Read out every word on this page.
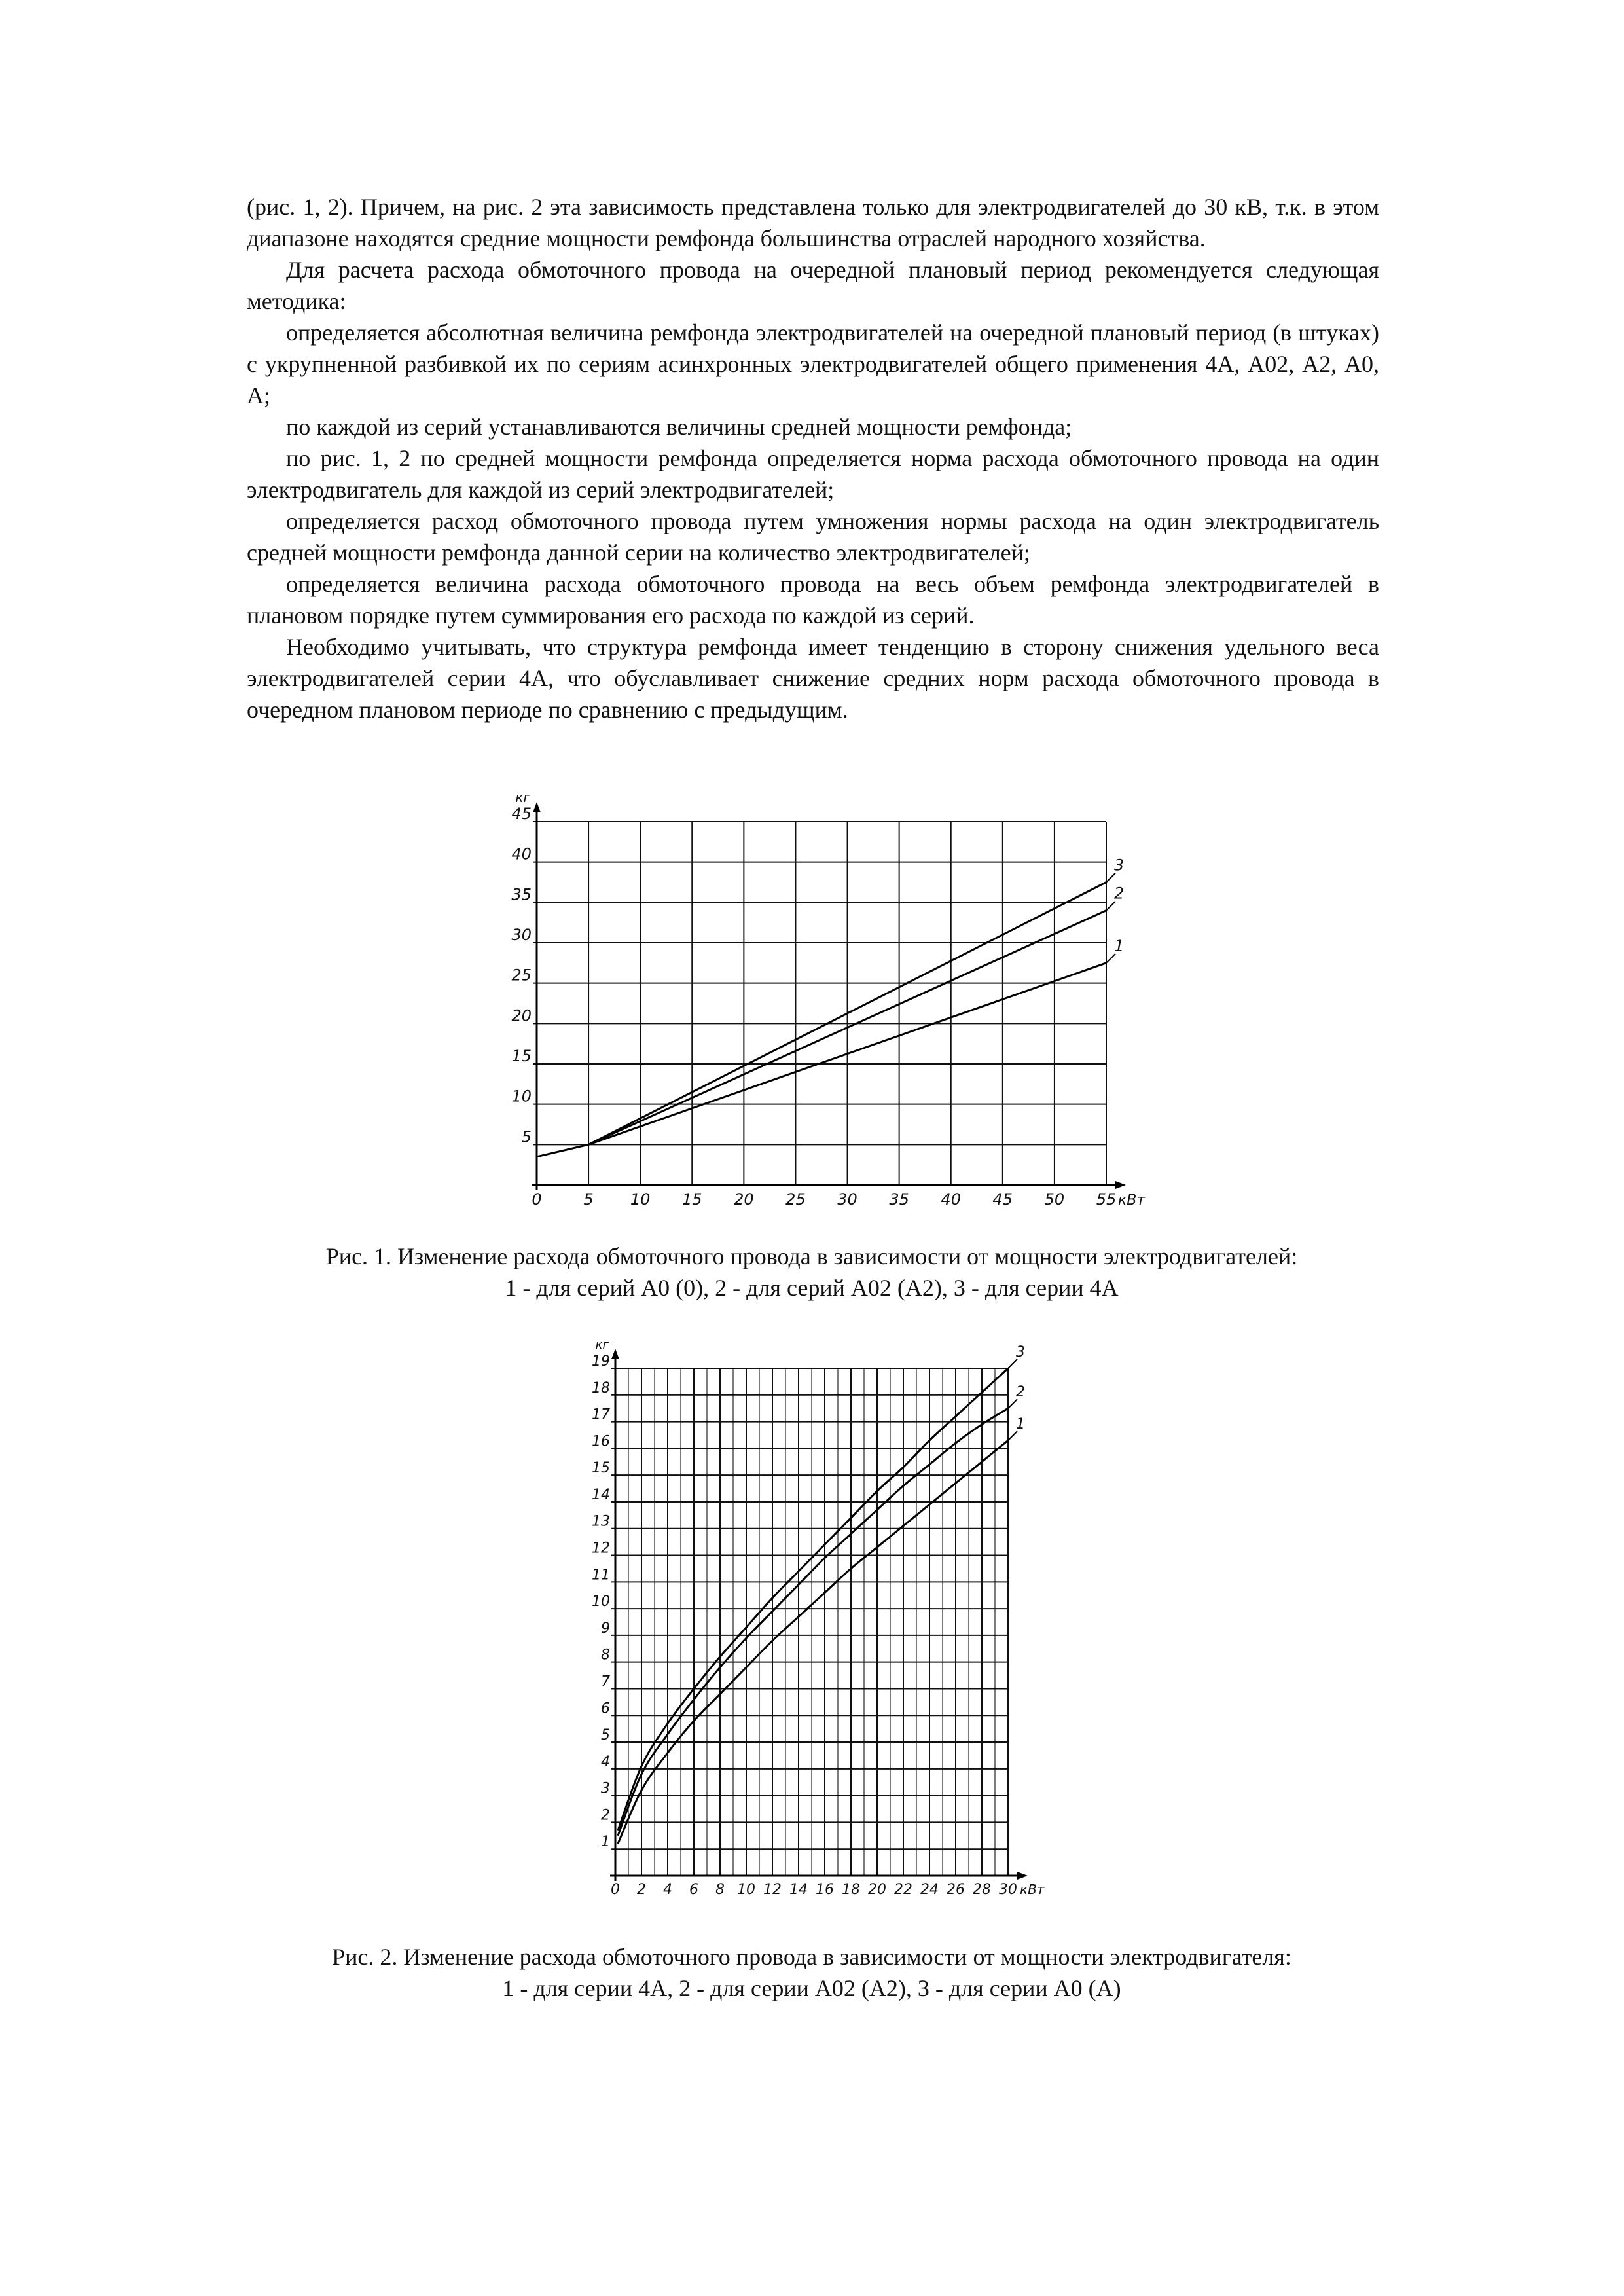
(рис. 1, 2). Причем, на рис. 2 эта зависимость представлена только для электродвигателей до 30 кВ, т.к. в этом диапазоне находятся средние мощности ремфонда большинства отраслей народного хозяйства.

Для расчета расхода обмоточного провода на очередной плановый период рекомендуется следующая методика:

определяется абсолютная величина ремфонда электродвигателей на очередной плановый период (в штуках) с укрупненной разбивкой их по сериям асинхронных электродвигателей общего применения 4А, А02, А2, А0, А;

по каждой из серий устанавливаются величины средней мощности ремфонда;

по рис. 1, 2 по средней мощности ремфонда определяется норма расхода обмоточного провода на один электродвигатель для каждой из серий электродвигателей;

определяется расход обмоточного провода путем умножения нормы расхода на один электродвигатель средней мощности ремфонда данной серии на количество электродвигателей;

определяется величина расхода обмоточного провода на весь объем ремфонда электродвигателей в плановом порядке путем суммирования его расхода по каждой из серий.

Необходимо учитывать, что структура ремфонда имеет тенденцию в сторону снижения удельного веса электродвигателей серии 4А, что обуславливает снижение средних норм расхода обмоточного провода в очередном плановом периоде по сравнению с предыдущим.

0	5 10 15 20 25 30 35 40 45 50 55
5
10
15
20
25
30
35
40
45
кг
кВт
1
2
3
Рис. 1. Изменение расхода обмоточного провода в зависимости от мощности электродвигателей:
1 - для серий А0 (0), 2 - для серий А02 (А2), 3 - для серии 4А
0 2 4 6 8 10 12 14 16 18 20 22 24 26 28 30
1
2
3
4
5
6
7
8
9
10
11
12
13
14
15
16
17
18
19
кг
кВт
1
2
3
Рис. 2. Изменение расхода обмоточного провода в зависимости от мощности электродвигателя:
1 - для серии 4А, 2 - для серии А02 (А2), 3 - для серии А0 (А)
